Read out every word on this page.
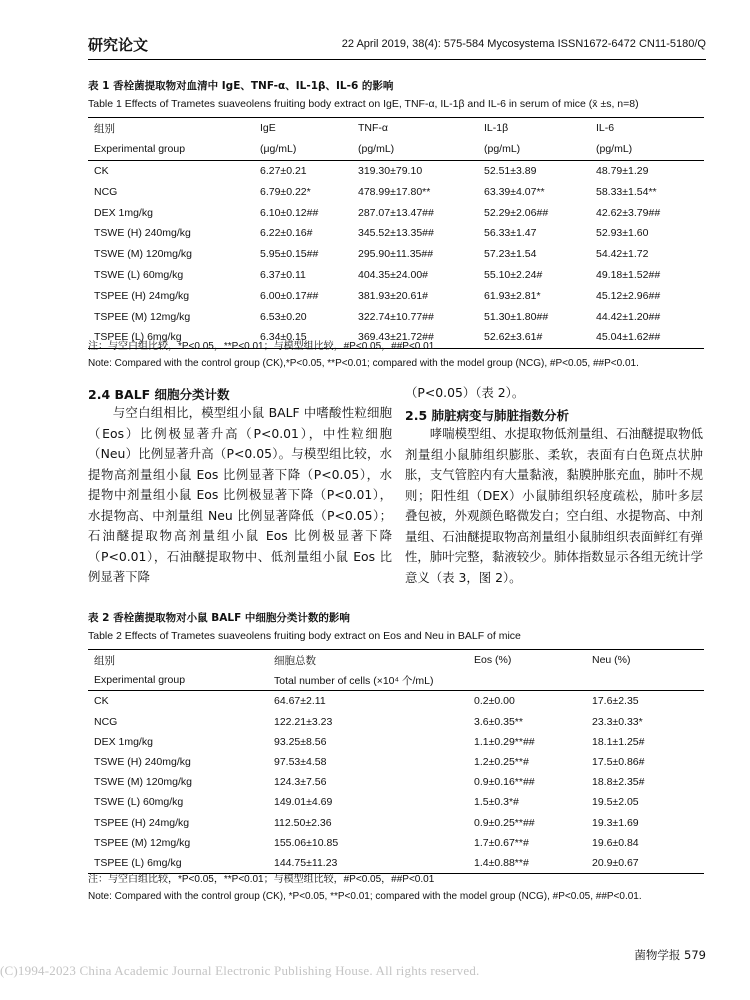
研究论文	22 April 2019, 38(4): 575-584 Mycosystema ISSN1672-6472 CN11-5180/Q
表 1 香栓菌提取物对血清中 IgE、TNF-α、IL-1β、IL-6 的影响
Table 1 Effects of Trametes suaveolens fruiting body extract on IgE, TNF-α, IL-1β and IL-6 in serum of mice (x̄ ±s, n=8)
组别	IgE	TNF-α	IL-1β	IL-6
Experimental group	(μg/mL)	(pg/mL)	(pg/mL)	(pg/mL)
CK	6.27±0.21	319.30±79.10	52.51±3.89	48.79±1.29
NCG	6.79±0.22*	478.99±17.80**	63.39±4.07**	58.33±1.54**
DEX 1mg/kg	6.10±0.12##	287.07±13.47##	52.29±2.06##	42.62±3.79##
TSWE (H) 240mg/kg	6.22±0.16#	345.52±13.35##	56.33±1.47	52.93±1.60
TSWE (M) 120mg/kg	5.95±0.15##	295.90±11.35##	57.23±1.54	54.42±1.72
TSWE (L) 60mg/kg	6.37±0.11	404.35±24.00#	55.10±2.24#	49.18±1.52##
TSPEE (H) 24mg/kg	6.00±0.17##	381.93±20.61#	61.93±2.81*	45.12±2.96##
TSPEE (M) 12mg/kg	6.53±0.20	322.74±10.77##	51.30±1.80##	44.42±1.20##
TSPEE (L) 6mg/kg	6.34±0.15	369.43±21.72##	52.62±3.61#	45.04±1.62##
注：与空白组比较，*P<0.05，**P<0.01；与模型组比较，#P<0.05，##P<0.01
Note: Compared with the control group (CK),*P<0.05, **P<0.01; compared with the model group (NCG), #P<0.05, ##P<0.01.
2.4 BALF 细胞分类计数
与空白组相比，模型组小鼠 BALF 中嗜酸性粒细胞（Eos）比例极显著升高（P<0.01），中性粒细胞（Neu）比例显著升高（P<0.05）。与模型组比较，水提物高剂量组小鼠 Eos 比例显著下降（P<0.05），水提物中剂量组小鼠 Eos 比例极显著下降（P<0.01），水提物高、中剂量组 Neu 比例显著降低（P<0.05）；石油醚提取物高剂量组小鼠 Eos 比例极显著下降（P<0.01），石油醚提取物中、低剂量组小鼠 Eos 比例显著下降
（P<0.05）（表 2）。
2.5 肺脏病变与肺脏指数分析
哮喘模型组、水提取物低剂量组、石油醚提取物低剂量组小鼠肺组织膨胀、柔软，表面有白色斑点状肿胀，支气管腔内有大量黏液，黏膜肿胀充血，肺叶不规则；阳性组（DEX）小鼠肺组织轻度疏松，肺叶多层叠包被，外观颜色略微发白；空白组、水提物高、中剂量组、石油醚提取物高剂量组小鼠肺组织表面鲜红有弹性，肺叶完整，黏液较少。肺体指数显示各组无统计学意义（表 3，图 2）。
表 2 香栓菌提取物对小鼠 BALF 中细胞分类计数的影响
Table 2 Effects of Trametes suaveolens fruiting body extract on Eos and Neu in BALF of mice
组别	细胞总数	Eos (%)	Neu (%)
Experimental group	Total number of cells (×10⁴ 个/mL)		
CK	64.67±2.11	0.2±0.00	17.6±2.35
NCG	122.21±3.23	3.6±0.35**	23.3±0.33*
DEX 1mg/kg	93.25±8.56	1.1±0.29**##	18.1±1.25#
TSWE (H) 240mg/kg	97.53±4.58	1.2±0.25**#	17.5±0.86#
TSWE (M) 120mg/kg	124.3±7.56	0.9±0.16**##	18.8±2.35#
TSWE (L) 60mg/kg	149.01±4.69	1.5±0.3*#	19.5±2.05
TSPEE (H) 24mg/kg	112.50±2.36	0.9±0.25**##	19.3±1.69
TSPEE (M) 12mg/kg	155.06±10.85	1.7±0.67**#	19.6±0.84
TSPEE (L) 6mg/kg	144.75±11.23	1.4±0.88**#	20.9±0.67
注：与空白组比较，*P<0.05，**P<0.01；与模型组比较，#P<0.05，##P<0.01
Note: Compared with the control group (CK), *P<0.05, **P<0.01; compared with the model group (NCG), #P<0.05, ##P<0.01.
菌物学报 579
(C)1994-2023 China Academic Journal Electronic Publishing House. All rights reserved.
